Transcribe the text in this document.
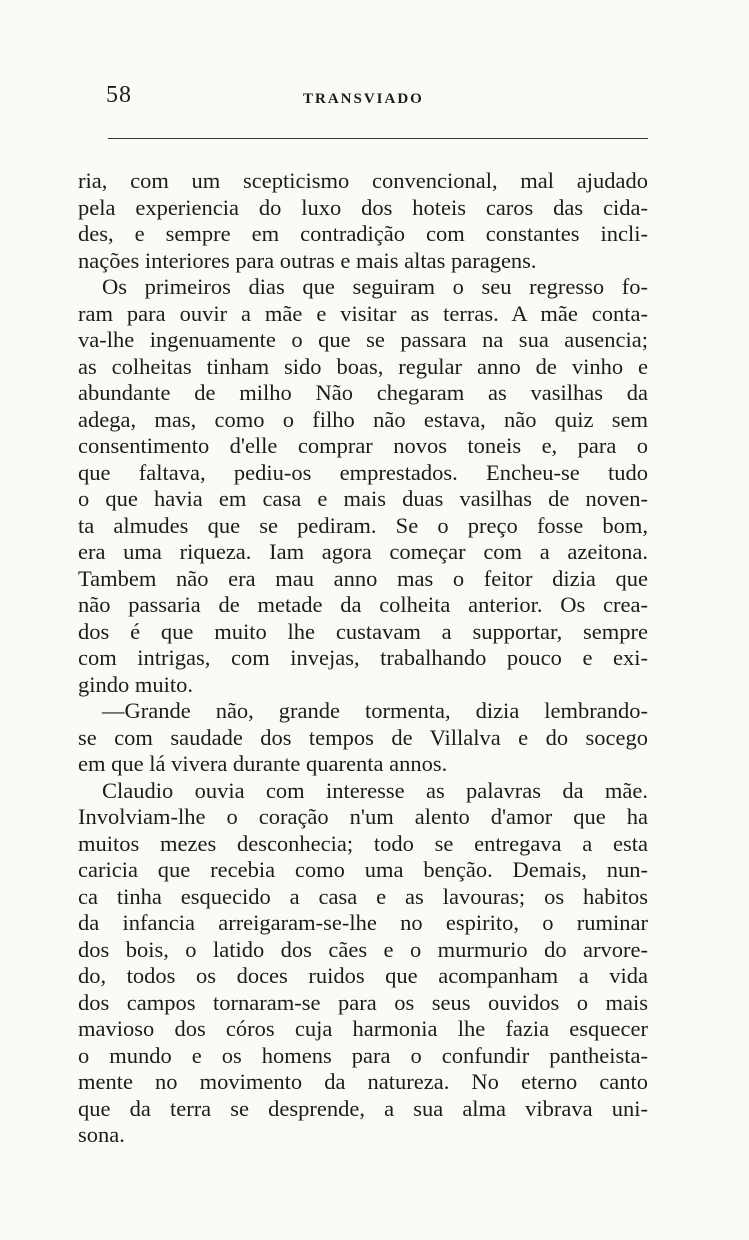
58	TRANSVIADO
ria, com um scepticismo convencional, mal ajudado
pela experiencia do luxo dos hoteis caros das cida-
des, e sempre em contradição com constantes incli-
nações interiores para outras e mais altas paragens.
Os primeiros dias que seguiram o seu regresso fo-
ram para ouvir a mãe e visitar as terras. A mãe conta-
va-lhe ingenuamente o que se passara na sua ausencia;
as colheitas tinham sido boas, regular anno de vinho e
abundante de milho Não chegaram as vasilhas da
adega, mas, como o filho não estava, não quiz sem
consentimento d'elle comprar novos toneis e, para o
que faltava, pediu-os emprestados. Encheu-se tudo
o que havia em casa e mais duas vasilhas de noven-
ta almudes que se pediram. Se o preço fosse bom,
era uma riqueza. Iam agora começar com a azeitona.
Tambem não era mau anno mas o feitor dizia que
não passaria de metade da colheita anterior. Os crea-
dos é que muito lhe custavam a supportar, sempre
com intrigas, com invejas, trabalhando pouco e exi-
gindo muito.
—Grande não, grande tormenta, dizia lembrando-
se com saudade dos tempos de Villalva e do socego
em que lá vivera durante quarenta annos.
Claudio ouvia com interesse as palavras da mãe.
Involviam-lhe o coração n'um alento d'amor que ha
muitos mezes desconhecia; todo se entregava a esta
caricia que recebia como uma benção. Demais, nun-
ca tinha esquecido a casa e as lavouras; os habitos
da infancia arreigaram-se-lhe no espirito, o ruminar
dos bois, o latido dos cães e o murmurio do arvore-
do, todos os doces ruidos que acompanham a vida
dos campos tornaram-se para os seus ouvidos o mais
mavioso dos córos cuja harmonia lhe fazia esquecer
o mundo e os homens para o confundir pantheista-
mente no movimento da natureza. No eterno canto
que da terra se desprende, a sua alma vibrava uni-
sona.
